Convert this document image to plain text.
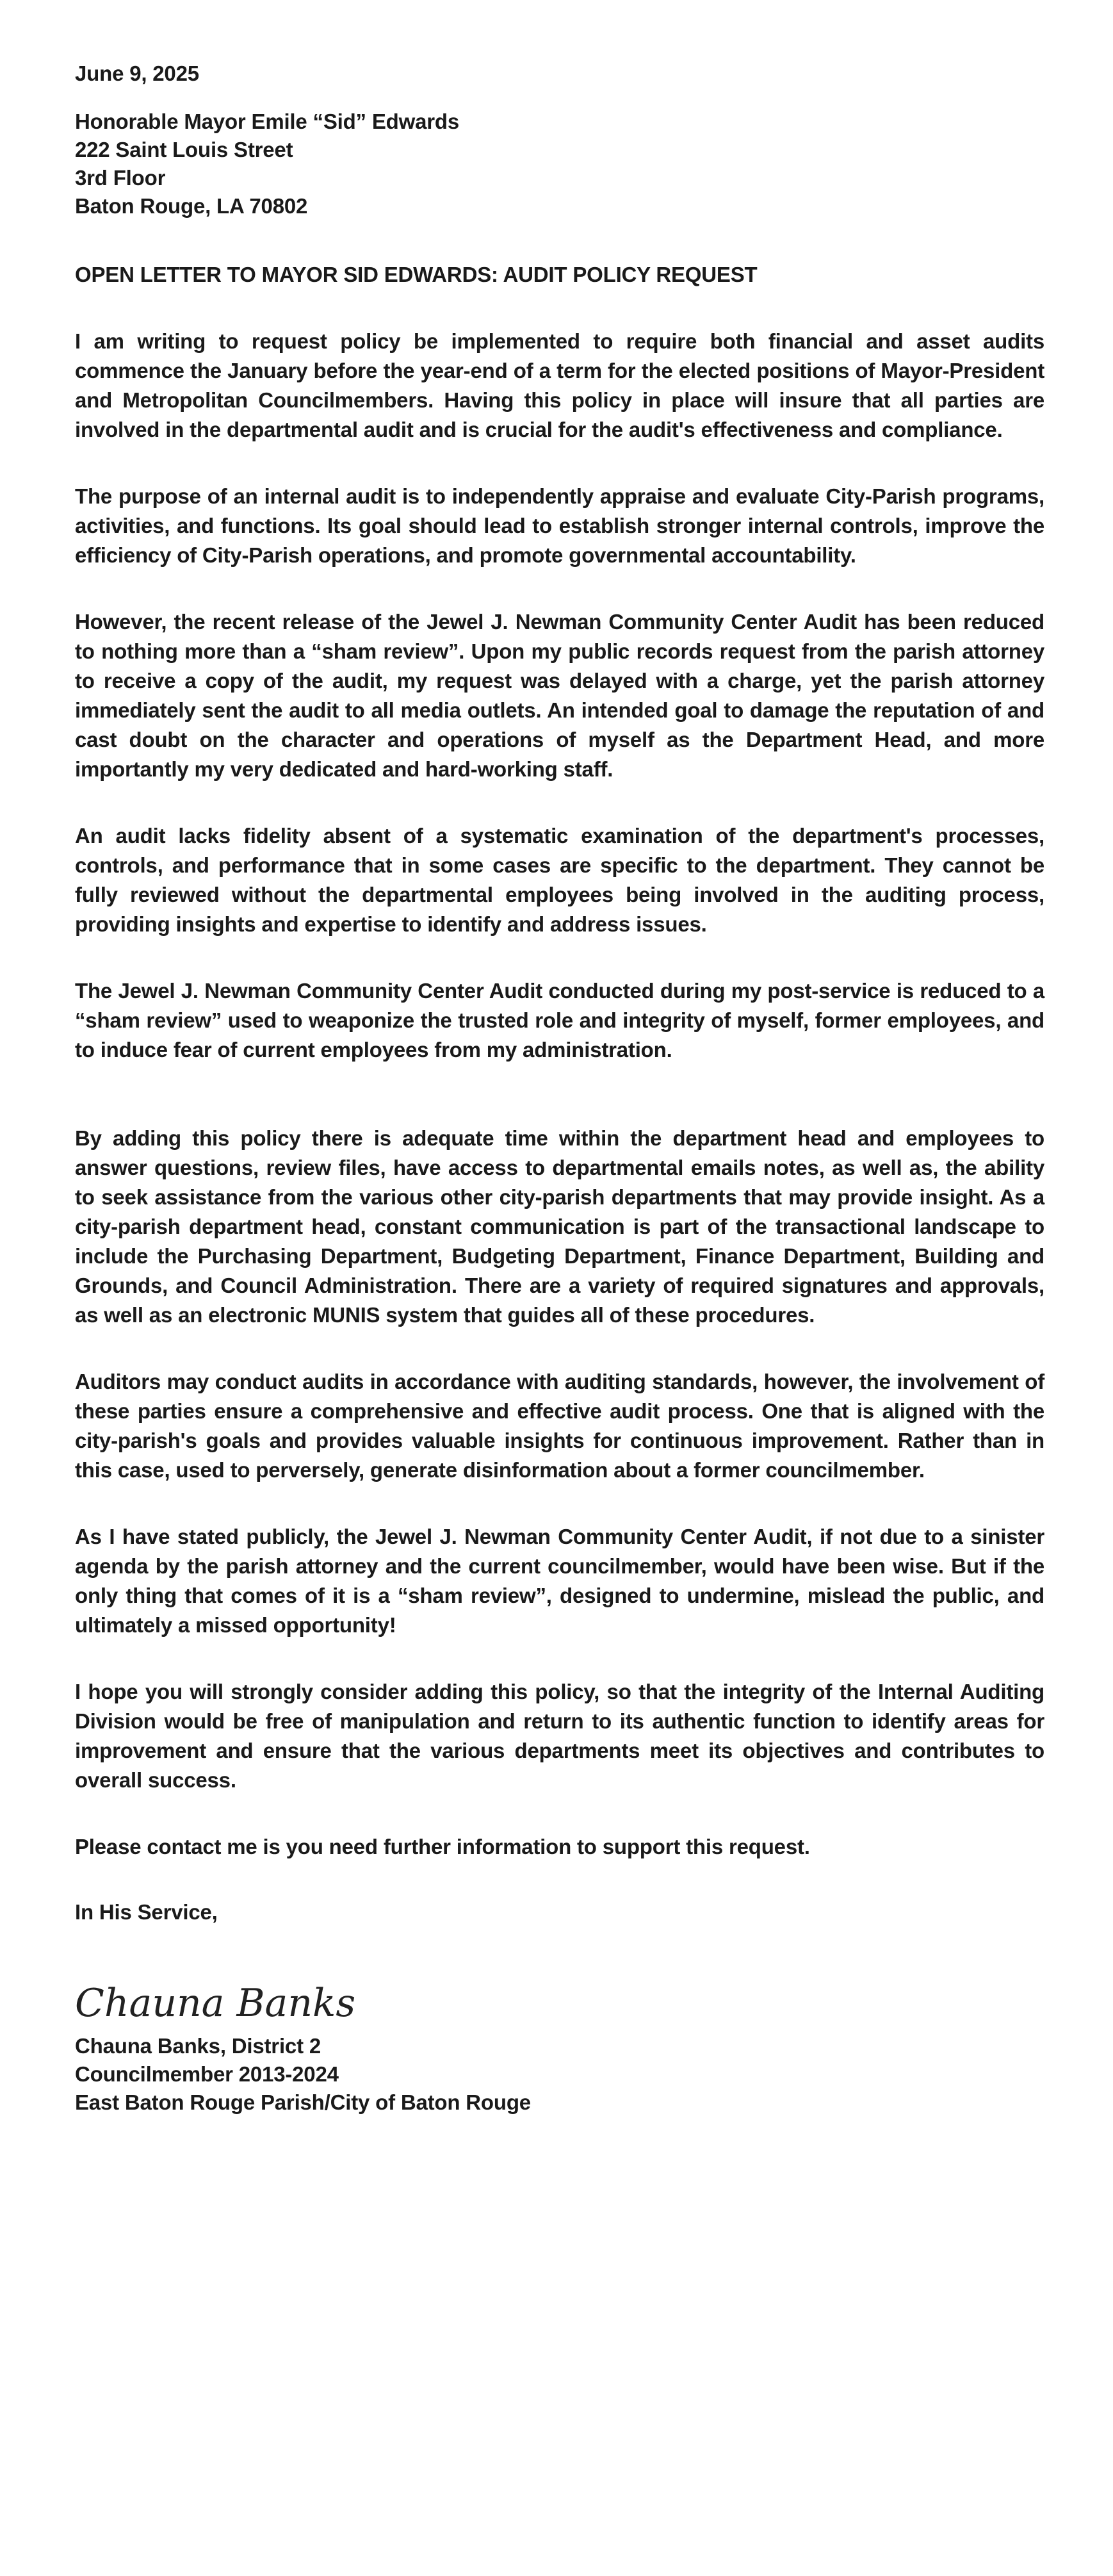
June 9, 2025
Honorable Mayor Emile “Sid” Edwards
222 Saint Louis Street
3rd Floor
Baton Rouge, LA 70802
OPEN LETTER TO MAYOR SID EDWARDS: AUDIT POLICY REQUEST

I am writing to request policy be implemented to require both financial and asset audits commence the January before the year-end of a term for the elected positions of Mayor-President and Metropolitan Councilmembers. Having this policy in place will insure that all parties are involved in the departmental audit and is crucial for the audit's effectiveness and compliance.

The purpose of an internal audit is to independently appraise and evaluate City-Parish programs, activities, and functions. Its goal should lead to establish stronger internal controls, improve the efficiency of City-Parish operations, and promote governmental accountability.

However, the recent release of the Jewel J. Newman Community Center Audit has been reduced to nothing more than a “sham review”. Upon my public records request from the parish attorney to receive a copy of the audit, my request was delayed with a charge, yet the parish attorney immediately sent the audit to all media outlets. An intended goal to damage the reputation of and cast doubt on the character and operations of myself as the Department Head, and more importantly my very dedicated and hard-working staff.

An audit lacks fidelity absent of a systematic examination of the department's processes, controls, and performance that in some cases are specific to the department. They cannot be fully reviewed without the departmental employees being involved in the auditing process, providing insights and expertise to identify and address issues.

The Jewel J. Newman Community Center Audit conducted during my post-service is reduced to a “sham review” used to weaponize the trusted role and integrity of myself, former employees, and to induce fear of current employees from my administration.

By adding this policy there is adequate time within the department head and employees to answer questions, review files, have access to departmental emails notes, as well as, the ability to seek assistance from the various other city-parish departments that may provide insight. As a city-parish department head, constant communication is part of the transactional landscape to include the Purchasing Department, Budgeting Department, Finance Department, Building and Grounds, and Council Administration. There are a variety of required signatures and approvals, as well as an electronic MUNIS system that guides all of these procedures.

Auditors may conduct audits in accordance with auditing standards, however, the involvement of these parties ensure a comprehensive and effective audit process. One that is aligned with the city-parish's goals and provides valuable insights for continuous improvement. Rather than in this case, used to perversely, generate disinformation about a former councilmember.

As I have stated publicly, the Jewel J. Newman Community Center Audit, if not due to a sinister agenda by the parish attorney and the current councilmember, would have been wise. But if the only thing that comes of it is a “sham review”, designed to undermine, mislead the public, and ultimately a missed opportunity!

I hope you will strongly consider adding this policy, so that the integrity of the Internal Auditing Division would be free of manipulation and return to its authentic function to identify areas for improvement and ensure that the various departments meet its objectives and contributes to overall success.

Please contact me is you need further information to support this request.

In His Service,
Chauna Banks
Chauna Banks, District 2
Councilmember 2013-2024
East Baton Rouge Parish/City of Baton Rouge
